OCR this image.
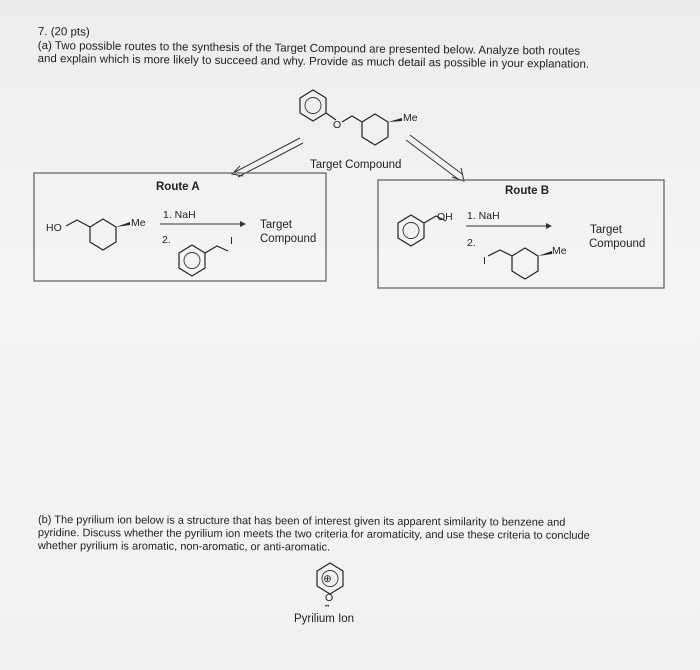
7. (20 pts)
(a) Two possible routes to the synthesis of the Target Compound are presented below. Analyze both routes
and explain which is more likely to succeed and why. Provide as much detail as possible in your explanation.
O
Me
Target Compound
Route A
HO	Me
1. NaH
2.	I
Target
Compound
Route B
OH 1. NaH
2.
I
Me
Target
Compound
⊕
O
••
Pyrilium Ion
(b) The pyrilium ion below is a structure that has been of interest given its apparent similarity to benzene and
pyridine. Discuss whether the pyrilium ion meets the two criteria for aromaticity, and use these criteria to conclude
whether pyrilium is aromatic, non-aromatic, or anti-aromatic.
